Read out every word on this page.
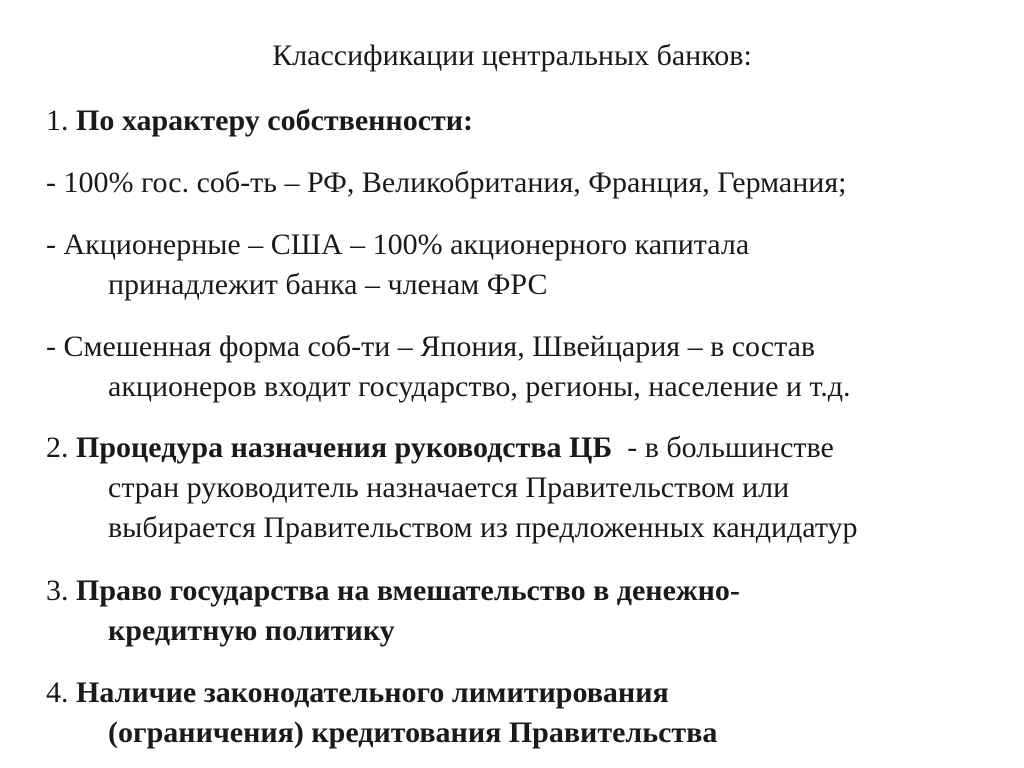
Классификации центральных банков:
1. По характеру собственности:
- 100% гос. соб-ть – РФ, Великобритания, Франция, Германия;
- Акционерные – США – 100% акционерного капитала
принадлежит банка – членам ФРС
- Смешенная форма соб-ти – Япония, Швейцария – в состав
акционеров входит государство, регионы, население и т.д.
2. Процедура назначения руководства ЦБ - в большинстве
стран руководитель назначается Правительством или
выбирается Правительством из предложенных кандидатур
3. Право государства на вмешательство в денежно-
кредитную политику
4. Наличие законодательного лимитирования
(ограничения) кредитования Правительства
